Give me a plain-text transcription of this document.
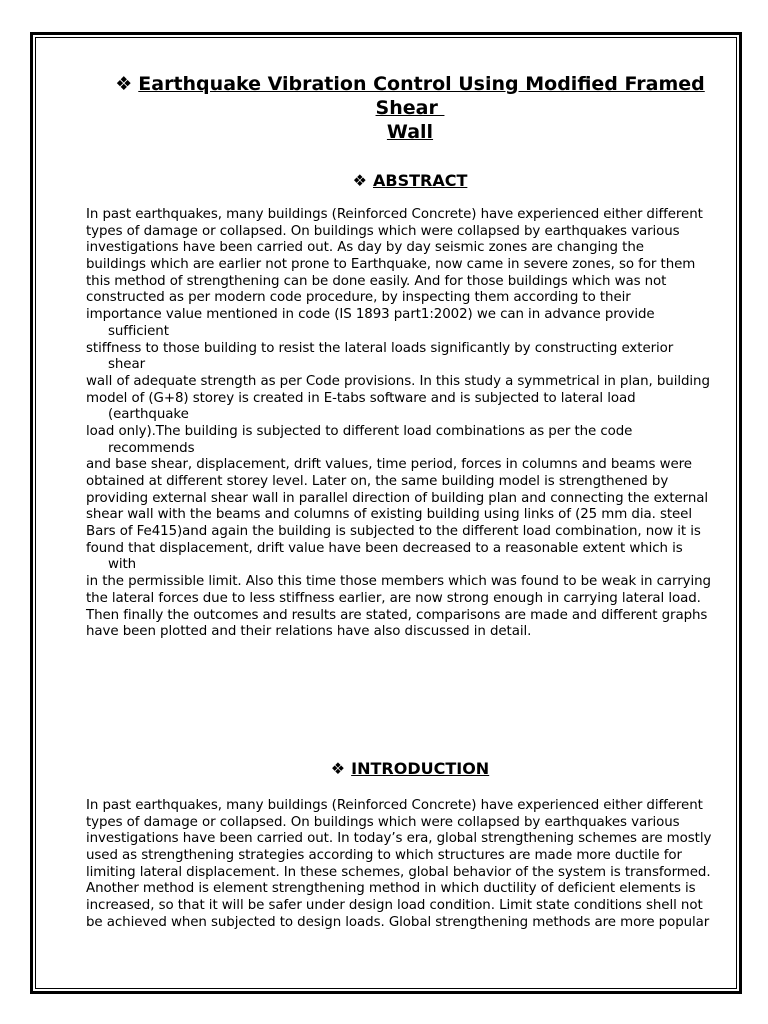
❖ Earthquake Vibration Control Using Modified Framed
Shear
Wall
❖ ABSTRACT
In past earthquakes, many buildings (Reinforced Concrete) have experienced either different
types of damage or collapsed. On buildings which were collapsed by earthquakes various
investigations have been carried out. As day by day seismic zones are changing the
buildings which are earlier not prone to Earthquake, now came in severe zones, so for them
this method of strengthening can be done easily. And for those buildings which was not
constructed as per modern code procedure, by inspecting them according to their
importance value mentioned in code (IS 1893 part1:2002) we can in advance provide
sufficient
stiffness to those building to resist the lateral loads significantly by constructing exterior
shear
wall of adequate strength as per Code provisions. In this study a symmetrical in plan, building
model of (G+8) storey is created in E-tabs software and is subjected to lateral load
(earthquake
load only).The building is subjected to different load combinations as per the code
recommends
and base shear, displacement, drift values, time period, forces in columns and beams were
obtained at different storey level. Later on, the same building model is strengthened by
providing external shear wall in parallel direction of building plan and connecting the external
shear wall with the beams and columns of existing building using links of (25 mm dia. steel
Bars of Fe415)and again the building is subjected to the different load combination, now it is
found that displacement, drift value have been decreased to a reasonable extent which is
with
in the permissible limit. Also this time those members which was found to be weak in carrying
the lateral forces due to less stiffness earlier, are now strong enough in carrying lateral load.
Then finally the outcomes and results are stated, comparisons are made and different graphs
have been plotted and their relations have also discussed in detail.
❖ INTRODUCTION
In past earthquakes, many buildings (Reinforced Concrete) have experienced either different
types of damage or collapsed. On buildings which were collapsed by earthquakes various
investigations have been carried out. In today’s era, global strengthening schemes are mostly
used as strengthening strategies according to which structures are made more ductile for
limiting lateral displacement. In these schemes, global behavior of the system is transformed.
Another method is element strengthening method in which ductility of deficient elements is
increased, so that it will be safer under design load condition. Limit state conditions shell not
be achieved when subjected to design loads. Global strengthening methods are more popular
